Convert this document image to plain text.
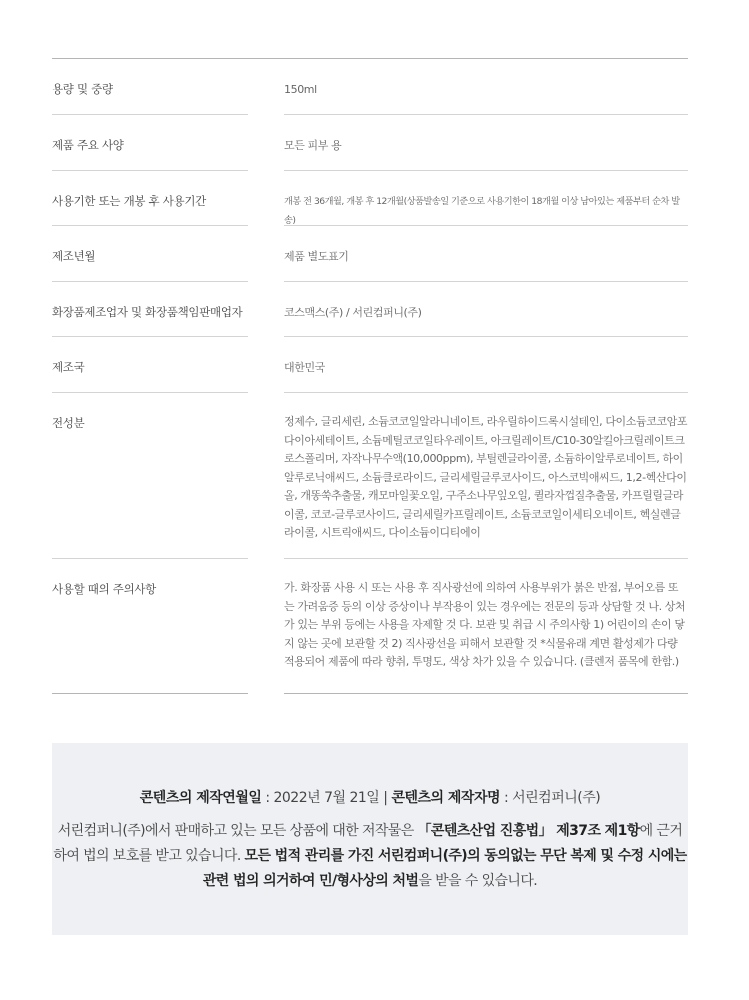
용량 및 중량	150ml
제품 주요 사양	모든 피부 용
사용기한 또는 개봉 후 사용기간	개봉 전 36개월, 개봉 후 12개월(상품발송일 기준으로 사용기한이 18개월 이상 남아있는 제품부터 순차 발송)
제조년월	제품 별도표기
화장품제조업자 및 화장품책임판매업자	코스맥스(주) / 서린컴퍼니(주)
제조국	대한민국
전성분	정제수, 글리세린, 소듐코코일알라니네이트, 라우릴하이드록시설테인, 다이소듐코코암포다이아세테이트, 소듐메틸코코일타우레이트, 아크릴레이트/C10-30알킬아크릴레이트크로스폴리머, 자작나무수액(10,000ppm), 부틸렌글라이콜, 소듐하이알루로네이트, 하이알루로닉애씨드, 소듐클로라이드, 글리세릴글루코사이드, 아스코빅애씨드, 1,2-헥산다이올, 개똥쑥추출물, 캐모마일꽃오일, 구주소나무잎오일, 퀼라자껍질추출물, 카프릴릴글라이콜, 코코-글루코사이드, 글리세릴카프릴레이트, 소듐코코일이세티오네이트, 헥실렌글라이콜, 시트릭애씨드, 다이소듐이디티에이
사용할 때의 주의사항	가. 화장품 사용 시 또는 사용 후 직사광선에 의하여 사용부위가 붉은 반점, 부어오름 또는 가려움증 등의 이상 증상이나 부작용이 있는 경우에는 전문의 등과 상담할 것 나. 상처가 있는 부위 등에는 사용을 자제할 것 다. 보관 및 취급 시 주의사항 1) 어린이의 손이 닿지 않는 곳에 보관할 것 2) 직사광선을 피해서 보관할 것 *식물유래 계면 활성제가 다량 적용되어 제품에 따라 향취, 투명도, 색상 차가 있을 수 있습니다. (클렌저 품목에 한함.)
콘텐츠의 제작연월일 : 2022년 7월 21일 | 콘텐츠의 제작자명 : 서린컴퍼니(주)
서린컴퍼니(주)에서 판매하고 있는 모든 상품에 대한 저작물은 「콘텐츠산업 진흥법」 제37조 제1항에 근거하여 법의 보호를 받고 있습니다. 모든 법적 관리를 가진 서린컴퍼니(주)의 동의없는 무단 복제 및 수정 시에는 관련 법의 의거하여 민/형사상의 처벌을 받을 수 있습니다.
